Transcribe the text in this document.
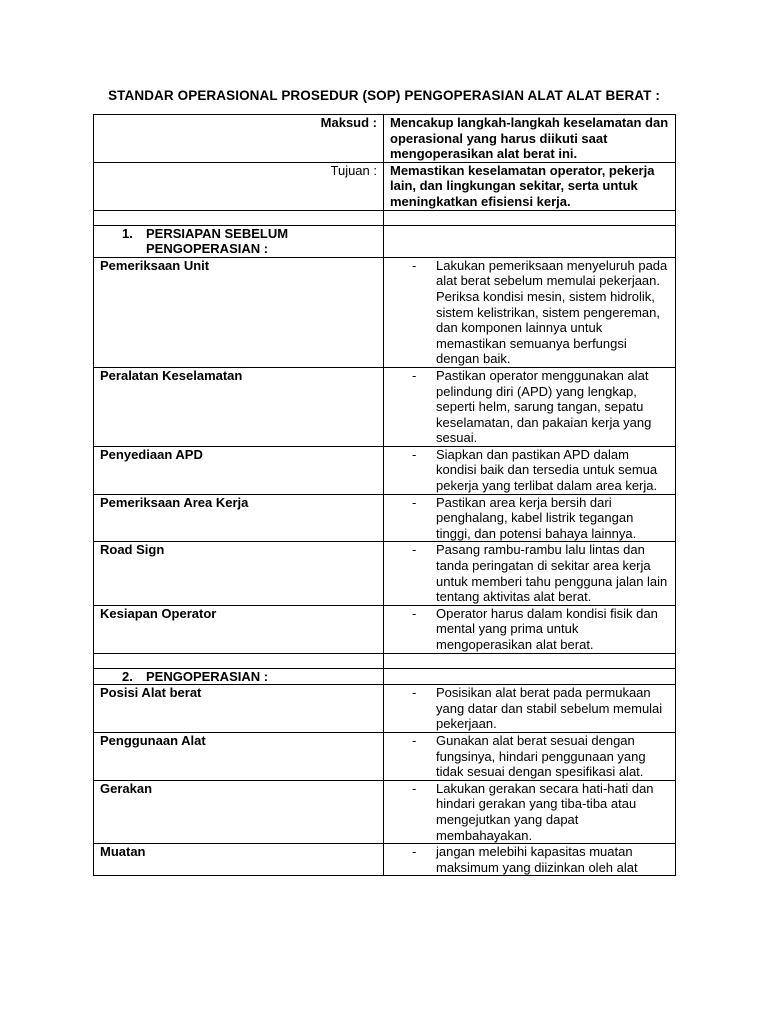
STANDAR OPERASIONAL PROSEDUR (SOP) PENGOPERASIAN ALAT ALAT BERAT :
Maksud :	Mencakup langkah-langkah keselamatan dan operasional yang harus diikuti saat mengoperasikan alat berat ini.
Tujuan :	Memastikan keselamatan operator, pekerja lain, dan lingkungan sekitar, serta untuk meningkatkan efisiensi kerja.

1. PERSIAPAN SEBELUM PENGOPERASIAN :	

Pemeriksaan Unit	- Lakukan pemeriksaan menyeluruh pada alat berat sebelum memulai pekerjaan. Periksa kondisi mesin, sistem hidrolik, sistem kelistrikan, sistem pengereman, dan komponen lainnya untuk memastikan semuanya berfungsi dengan baik.

Peralatan Keselamatan	- Pastikan operator menggunakan alat pelindung diri (APD) yang lengkap, seperti helm, sarung tangan, sepatu keselamatan, dan pakaian kerja yang sesuai.

Penyediaan APD	- Siapkan dan pastikan APD dalam kondisi baik dan tersedia untuk semua pekerja yang terlibat dalam area kerja.

Pemeriksaan Area Kerja	- Pastikan area kerja bersih dari penghalang, kabel listrik tegangan tinggi, dan potensi bahaya lainnya.

Road Sign	- Pasang rambu-rambu lalu lintas dan tanda peringatan di sekitar area kerja untuk memberi tahu pengguna jalan lain tentang aktivitas alat berat.

Kesiapan Operator	- Operator harus dalam kondisi fisik dan mental yang prima untuk mengoperasikan alat berat.

2. PENGOPERASIAN :	

Posisi Alat berat	- Posisikan alat berat pada permukaan yang datar dan stabil sebelum memulai pekerjaan.

Penggunaan Alat	- Gunakan alat berat sesuai dengan fungsinya, hindari penggunaan yang tidak sesuai dengan spesifikasi alat.

Gerakan	- Lakukan gerakan secara hati-hati dan hindari gerakan yang tiba-tiba atau mengejutkan yang dapat membahayakan.

Muatan	- jangan melebihi kapasitas muatan maksimum yang diizinkan oleh alat
